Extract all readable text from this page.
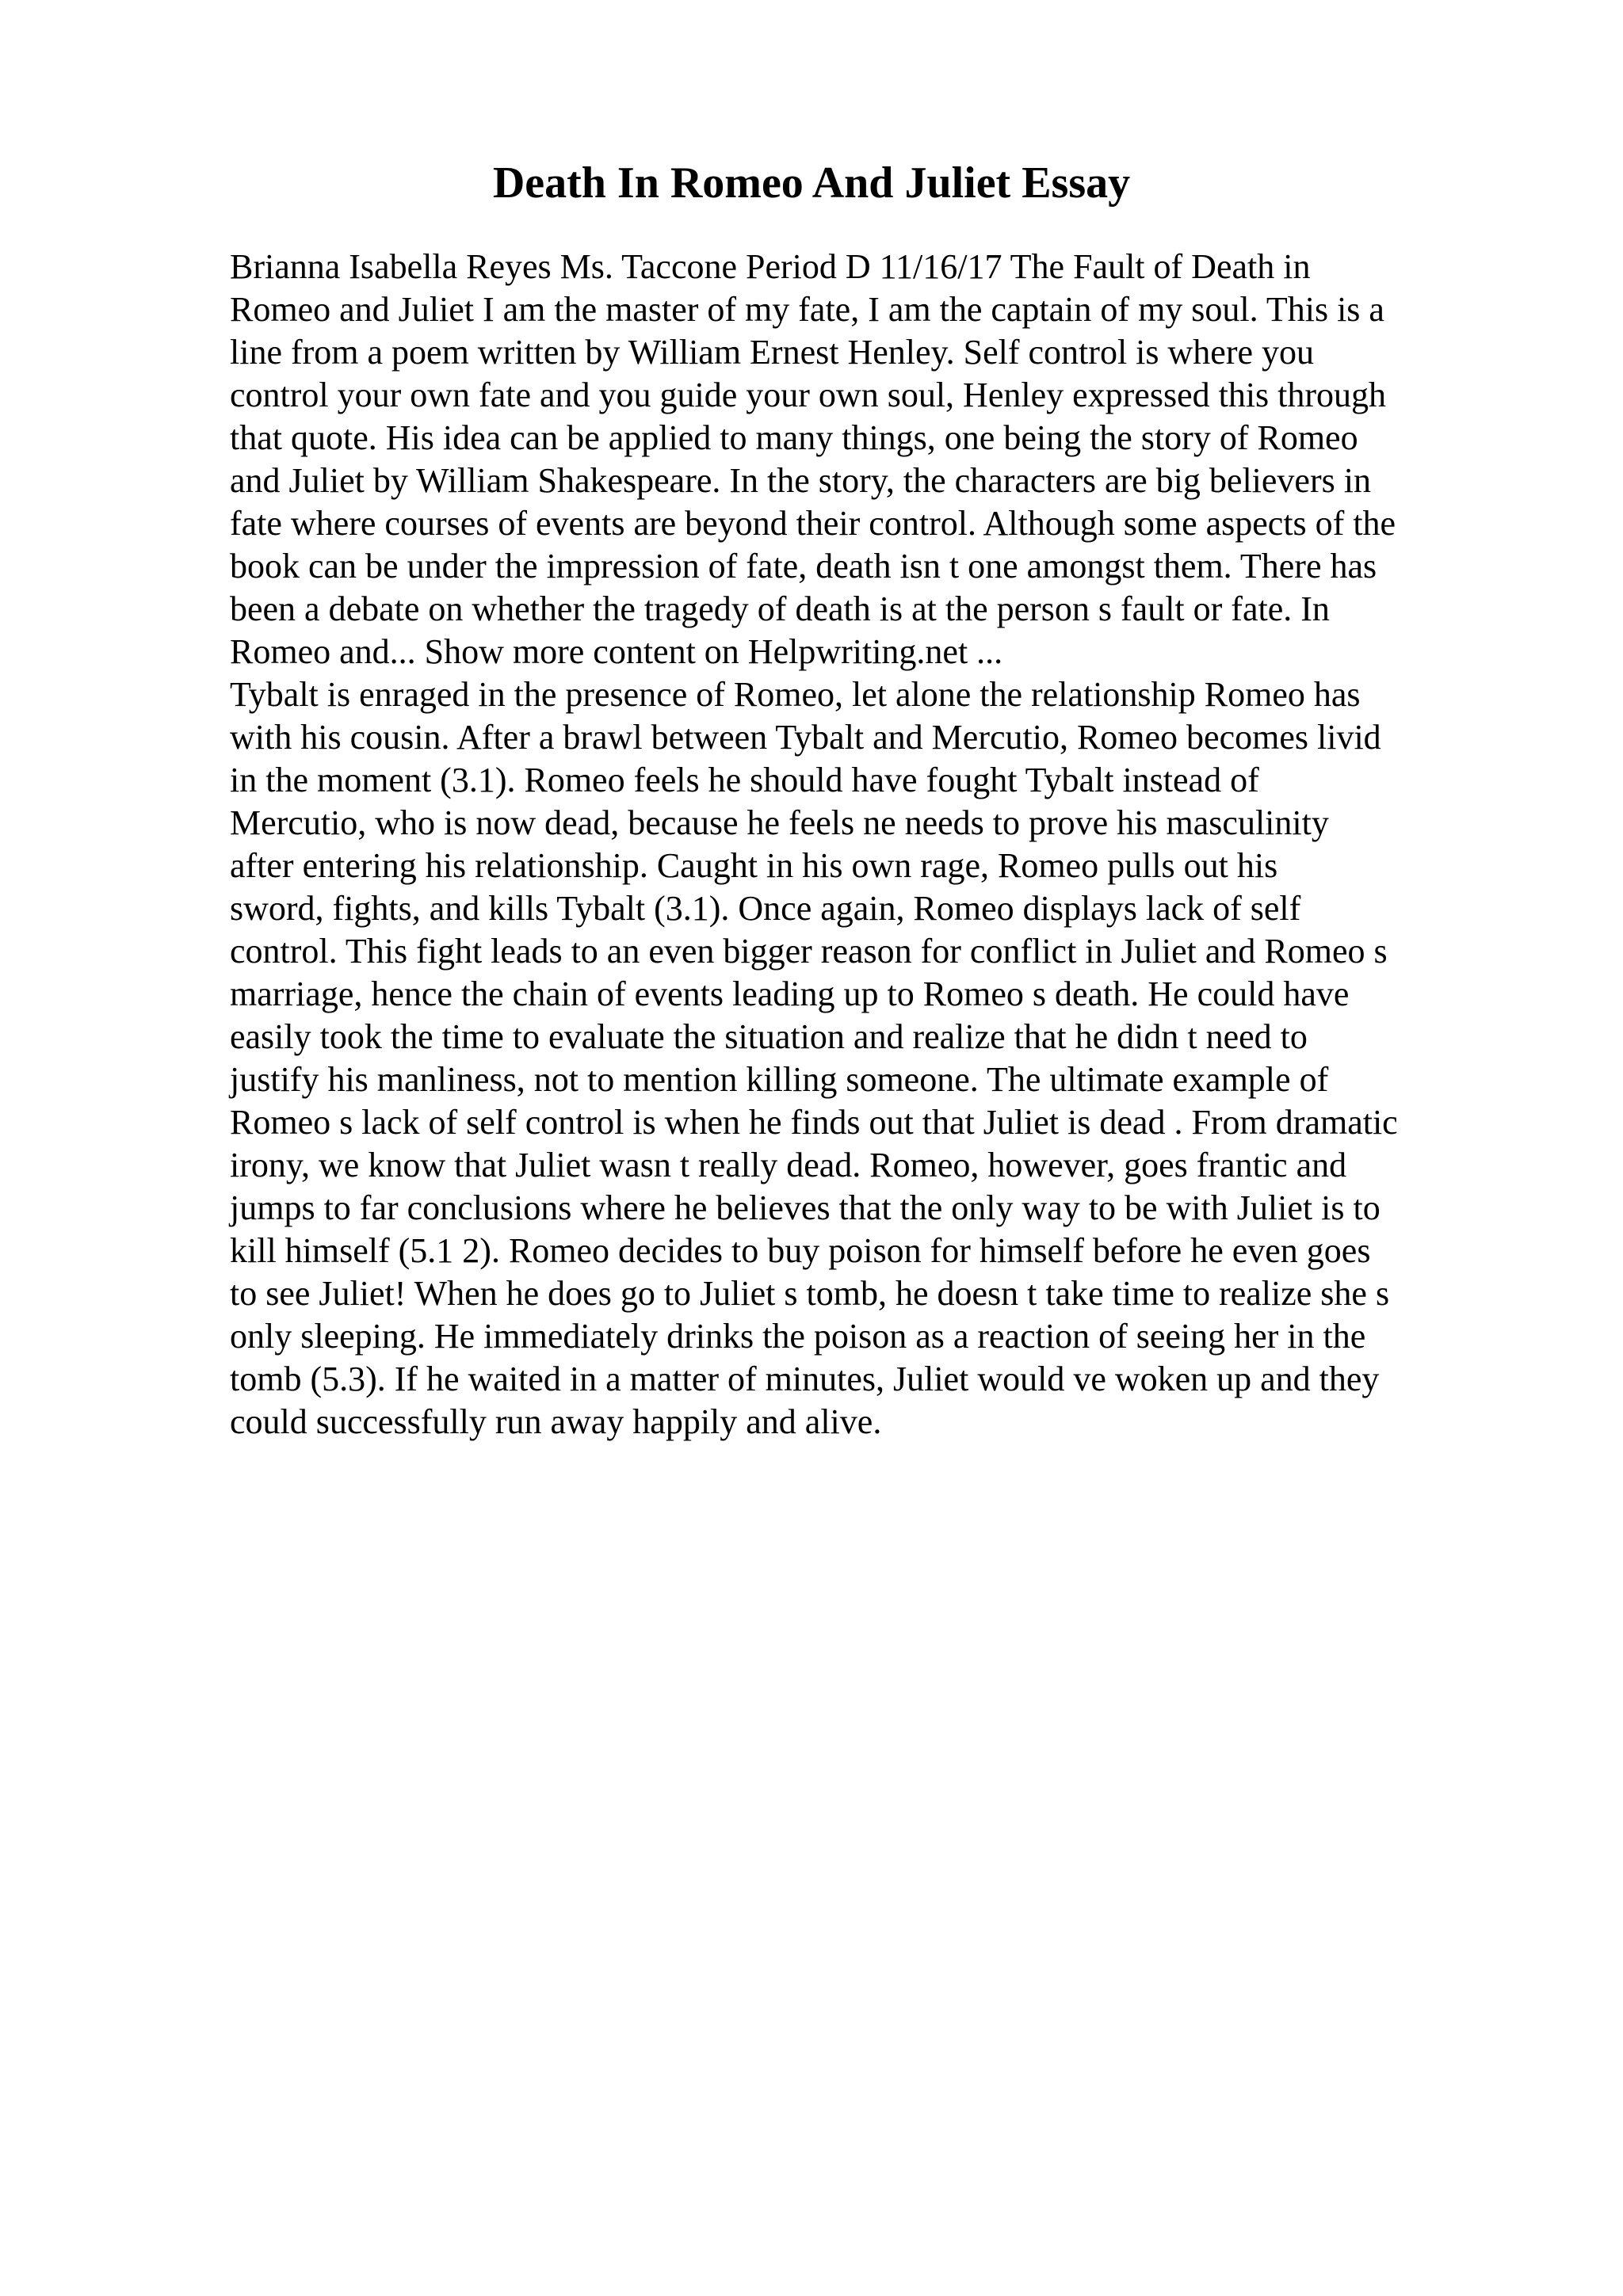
Death In Romeo And Juliet Essay
Brianna Isabella Reyes Ms. Taccone Period D 11/16/17 The Fault of Death in
Romeo and Juliet I am the master of my fate, I am the captain of my soul. This is a
line from a poem written by William Ernest Henley. Self control is where you
control your own fate and you guide your own soul, Henley expressed this through
that quote. His idea can be applied to many things, one being the story of Romeo
and Juliet by William Shakespeare. In the story, the characters are big believers in
fate where courses of events are beyond their control. Although some aspects of the
book can be under the impression of fate, death isn t one amongst them. There has
been a debate on whether the tragedy of death is at the person s fault or fate. In
Romeo and... Show more content on Helpwriting.net ...
Tybalt is enraged in the presence of Romeo, let alone the relationship Romeo has
with his cousin. After a brawl between Tybalt and Mercutio, Romeo becomes livid
in the moment (3.1). Romeo feels he should have fought Tybalt instead of
Mercutio, who is now dead, because he feels ne needs to prove his masculinity
after entering his relationship. Caught in his own rage, Romeo pulls out his
sword, fights, and kills Tybalt (3.1). Once again, Romeo displays lack of self
control. This fight leads to an even bigger reason for conflict in Juliet and Romeo s
marriage, hence the chain of events leading up to Romeo s death. He could have
easily took the time to evaluate the situation and realize that he didn t need to
justify his manliness, not to mention killing someone. The ultimate example of
Romeo s lack of self control is when he finds out that Juliet is dead . From dramatic
irony, we know that Juliet wasn t really dead. Romeo, however, goes frantic and
jumps to far conclusions where he believes that the only way to be with Juliet is to
kill himself (5.1 2). Romeo decides to buy poison for himself before he even goes
to see Juliet! When he does go to Juliet s tomb, he doesn t take time to realize she s
only sleeping. He immediately drinks the poison as a reaction of seeing her in the
tomb (5.3). If he waited in a matter of minutes, Juliet would ve woken up and they
could successfully run away happily and alive.
